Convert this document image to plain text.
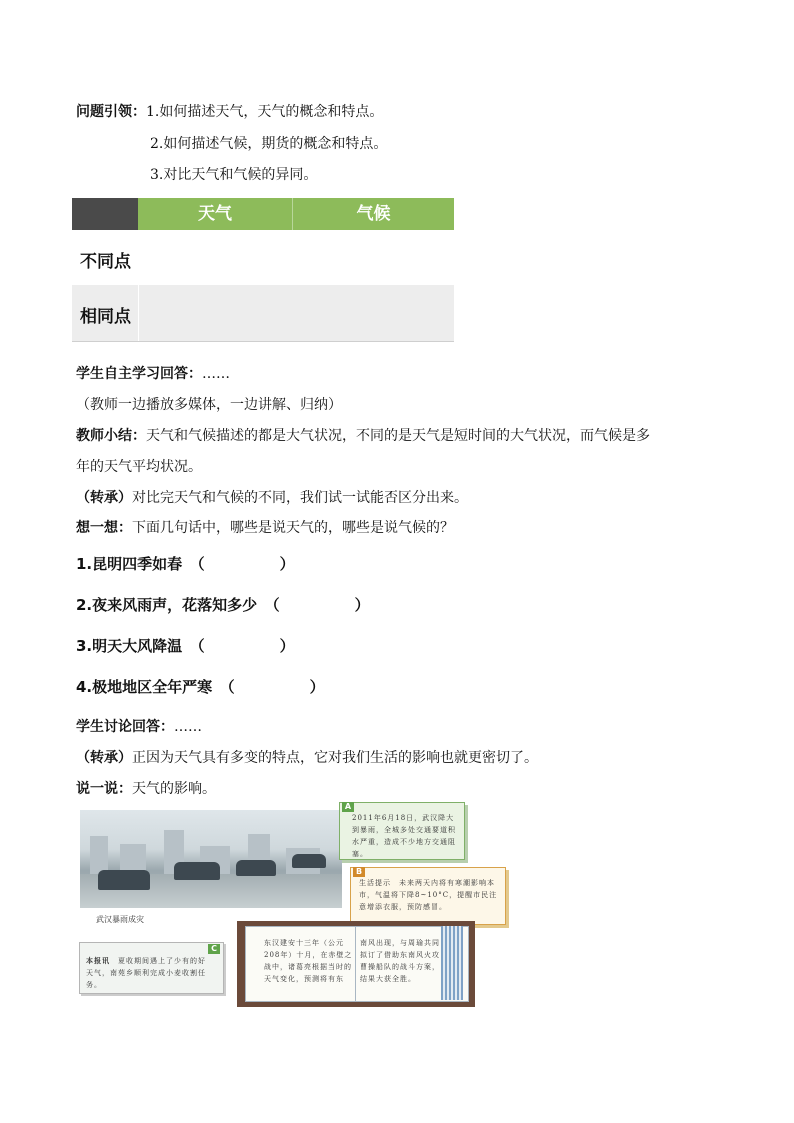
问题引领：1.如何描述天气，天气的概念和特点。
2.如何描述气候，期货的概念和特点。
3.对比天气和气候的异同。
天气	气候
不同点
相同点
学生自主学习回答：……
（教师一边播放多媒体，一边讲解、归纳）
教师小结：天气和气候描述的都是大气状况，不同的是天气是短时间的大气状况，而气候是多
年的天气平均状况。
（转承）对比完天气和气候的不同，我们试一试能否区分出来。
想一想：下面几句话中，哪些是说天气的，哪些是说气候的？
1.昆明四季如春　（　　　　　）
2.夜来风雨声，花落知多少　（　　　　　）
3.明天大风降温　（　　　　　）
4.极地地区全年严寒　（　　　　　）
学生讨论回答：……
（转承）正因为天气具有多变的特点，它对我们生活的影响也就更密切了。
说一说：天气的影响。
武汉暴雨成灾
A
2011年6月18日，武汉降大到暴雨，全城多处交通要道积水严重，造成不少地方交通阻塞。
B
生活提示　未来两天内将有寒潮影响本市，气温将下降8~10°C，提醒市民注意增添衣服，预防感冒。
C
本报讯　 夏收期间遇上了少有的好天气，南苑乡顺利完成小麦收割任务。
东汉建安十三年（公元208年）十月，在赤壁之战中，诸葛亮根据当时的天气变化，预测将有东
南风出现，与周瑜共同拟订了借助东南风火攻曹操船队的战斗方案，结果大获全胜。
